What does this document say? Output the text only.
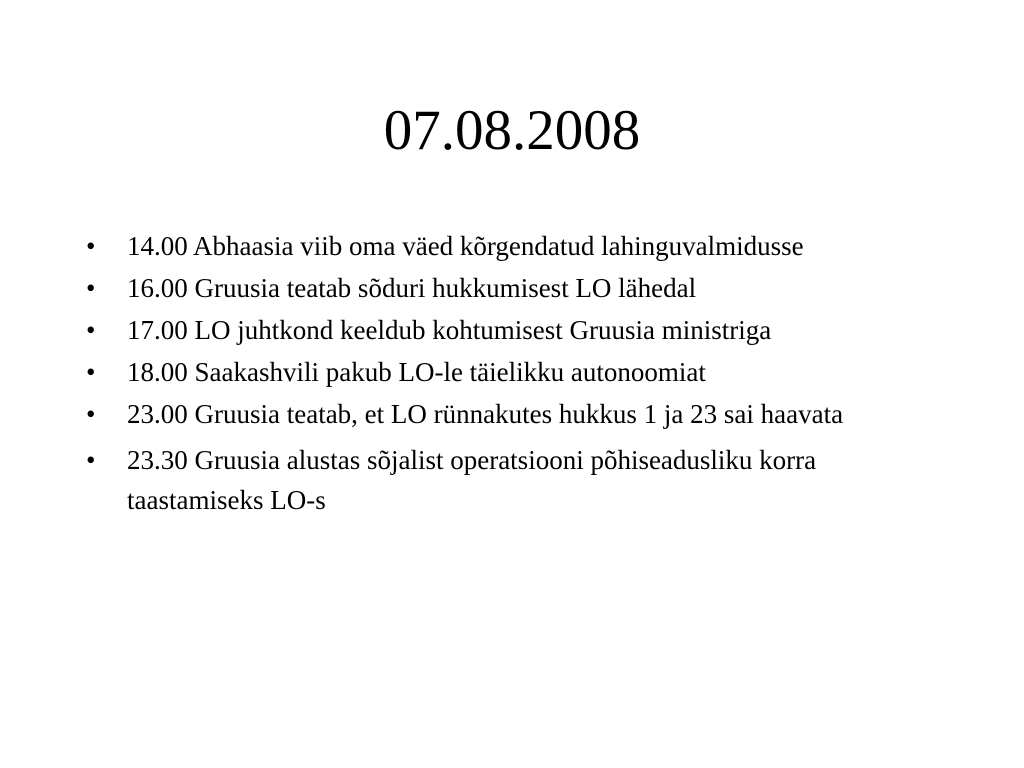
07.08.2008
• 14.00 Abhaasia viib oma väed kõrgendatud lahinguvalmidusse
• 16.00 Gruusia teatab sõduri hukkumisest LO lähedal
• 17.00 LO juhtkond keeldub kohtumisest Gruusia ministriga
• 18.00 Saakashvili pakub LO-le täielikku autonoomiat
• 23.00 Gruusia teatab, et LO rünnakutes hukkus 1 ja 23 sai haavata
• 23.30 Gruusia alustas sõjalist operatsiooni põhiseadusliku korra taastamiseks LO-s
